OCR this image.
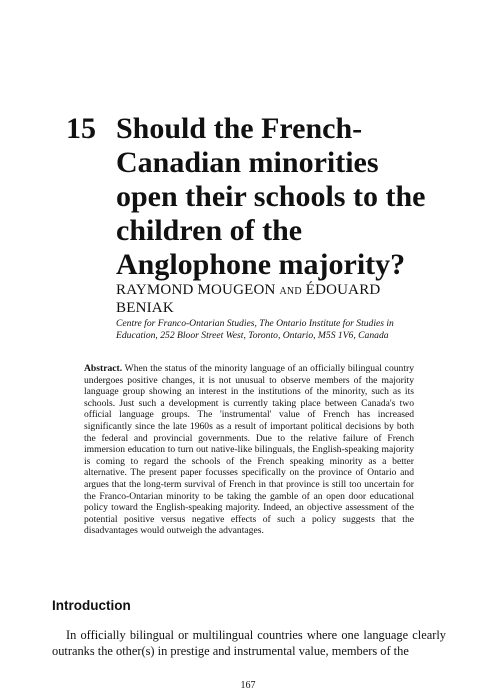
15 Should the French-Canadian minorities open their schools to the children of the Anglophone majority?
RAYMOND MOUGEON AND ÉDOUARD BENIAK
Centre for Franco-Ontarian Studies, The Ontario Institute for Studies in Education, 252 Bloor Street West, Toronto, Ontario, M5S 1V6, Canada
Abstract. When the status of the minority language of an officially bilingual country undergoes positive changes, it is not unusual to observe members of the majority language group showing an interest in the institutions of the minority, such as its schools. Just such a development is currently taking place between Canada's two official language groups. The 'instrumental' value of French has increased significantly since the late 1960s as a result of important political decisions by both the federal and provincial governments. Due to the relative failure of French immersion education to turn out native-like bilinguals, the English-speaking majority is coming to regard the schools of the French speaking minority as a better alternative. The present paper focusses specifically on the province of Ontario and argues that the long-term survival of French in that province is still too uncertain for the Franco-Ontarian minority to be taking the gamble of an open door educational policy toward the English-speaking majority. Indeed, an objective assessment of the potential positive versus negative effects of such a policy suggests that the disadvantages would outweigh the advantages.
Introduction

In officially bilingual or multilingual countries where one language clearly outranks the other(s) in prestige and instrumental value, members of the

167
